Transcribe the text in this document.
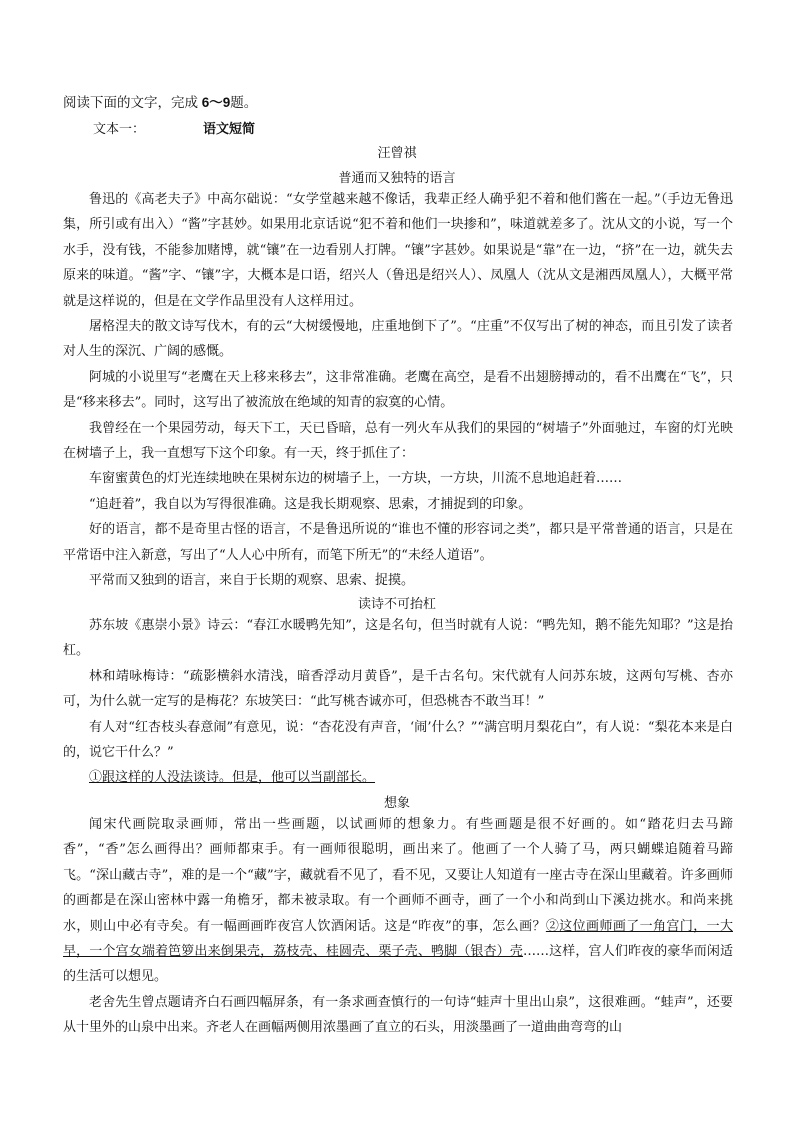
阅读下面的文字，完成 6～9题。
文本一：	语文短简
汪曾祺
普通而又独特的语言

鲁迅的《高老夫子》中高尔础说：“女学堂越来越不像话，我辈正经人确乎犯不着和他们酱在一起。”（手边无鲁迅集，所引或有出入）“酱”字甚妙。如果用北京话说“犯不着和他们一块掺和”，味道就差多了。沈从文的小说，写一个水手，没有钱，不能参加赌博，就“镶”在一边看别人打牌。“镶”字甚妙。如果说是“靠”在一边，“挤”在一边，就失去原来的味道。“酱”字、“镶”字，大概本是口语，绍兴人（鲁迅是绍兴人）、凤凰人（沈从文是湘西凤凰人），大概平常就是这样说的，但是在文学作品里没有人这样用过。

屠格涅夫的散文诗写伐木，有的云“大树缓慢地，庄重地倒下了”。“庄重”不仅写出了树的神态，而且引发了读者对人生的深沉、广阔的感慨。

阿城的小说里写“老鹰在天上移来移去”，这非常准确。老鹰在高空，是看不出翅膀搏动的，看不出鹰在“飞”，只是“移来移去”。同时，这写出了被流放在绝域的知青的寂寞的心情。

我曾经在一个果园劳动，每天下工，天已昏暗，总有一列火车从我们的果园的“树墙子”外面驰过，车窗的灯光映在树墙子上，我一直想写下这个印象。有一天，终于抓住了：

车窗蜜黄色的灯光连续地映在果树东边的树墙子上，一方块，一方块，川流不息地追赶着……

“追赶着”，我自以为写得很准确。这是我长期观察、思索，才捕捉到的印象。

好的语言，都不是奇里古怪的语言，不是鲁迅所说的“谁也不懂的形容词之类”，都只是平常普通的语言，只是在平常语中注入新意，写出了“人人心中所有，而笔下所无”的“未经人道语”。

平常而又独到的语言，来自于长期的观察、思索、捉摸。

读诗不可抬杠

苏东坡《惠崇小景》诗云：“春江水暖鸭先知”，这是名句，但当时就有人说：“鸭先知，鹅不能先知耶？”这是抬杠。

林和靖咏梅诗：“疏影横斜水清浅，暗香浮动月黄昏”，是千古名句。宋代就有人问苏东坡，这两句写桃、杏亦可，为什么就一定写的是梅花？东坡笑曰：“此写桃杏诚亦可，但恐桃杏不敢当耳！”

有人对“红杏枝头春意闹”有意见，说：“杏花没有声音，‘闹’什么？”“满宫明月梨花白”，有人说：“梨花本来是白的，说它干什么？”

①跟这样的人没法谈诗。但是，他可以当副部长。

想象

闻宋代画院取录画师，常出一些画题，以试画师的想象力。有些画题是很不好画的。如“踏花归去马蹄香”，“香”怎么画得出？画师都束手。有一画师很聪明，画出来了。他画了一个人骑了马，两只蝴蝶追随着马蹄飞。“深山藏古寺”，难的是一个“藏”字，藏就看不见了，看不见，又要让人知道有一座古寺在深山里藏着。许多画师的画都是在深山密林中露一角檐牙，都未被录取。有一个画师不画寺，画了一个小和尚到山下溪边挑水。和尚来挑水，则山中必有寺矣。有一幅画画昨夜宫人饮酒闲话。这是“昨夜”的事，怎么画？②这位画师画了一角宫门，一大早，一个宫女端着笆箩出来倒果壳，荔枝壳、桂圆壳、栗子壳、鸭脚（银杏）壳……这样，宫人们昨夜的豪华而闲适的生活可以想见。

老舍先生曾点题请齐白石画四幅屏条，有一条求画查慎行的一句诗“蛙声十里出山泉”，这很难画。“蛙声”，还要从十里外的山泉中出来。齐老人在画幅两侧用浓墨画了直立的石头，用淡墨画了一道曲曲弯弯的山
